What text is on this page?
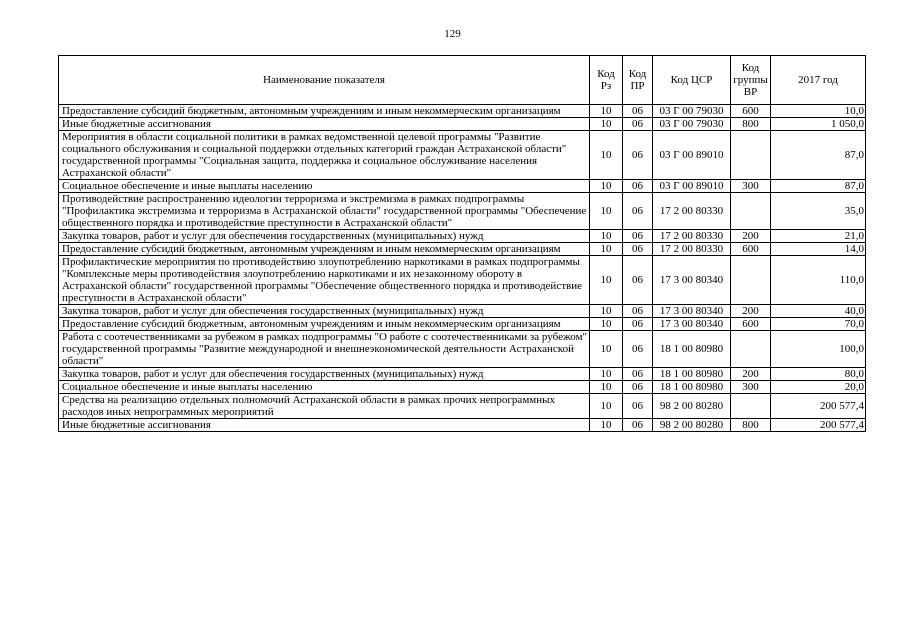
129
Наименование показателя	Код Рз	Код ПР	Код ЦСР	Код группы ВР	2017 год
Предоставление субсидий бюджетным, автономным учреждениям и иным некоммерческим организациям	10	06	03 Г 00 79030	600	10,0
Иные бюджетные ассигнования	10	06	03 Г 00 79030	800	1 050,0
Мероприятия в области социальной политики в рамках ведомственной целевой программы "Развитие социального обслуживания и социальной поддержки отдельных категорий граждан Астраханской области" государственной программы "Социальная защита, поддержка и социальное обслуживание населения Астраханской области"	10	06	03 Г 00 89010		87,0
Социальное обеспечение и иные выплаты населению	10	06	03 Г 00 89010	300	87,0
Противодействие распространению идеологии терроризма и экстремизма в рамках подпрограммы "Профилактика экстремизма и терроризма в Астраханской области" государственной программы "Обеспечение общественного порядка и противодействие преступности в Астраханской области"	10	06	17 2 00 80330		35,0
Закупка товаров, работ и услуг для обеспечения государственных (муниципальных) нужд	10	06	17 2 00 80330	200	21,0
Предоставление субсидий бюджетным, автономным учреждениям и иным некоммерческим организациям	10	06	17 2 00 80330	600	14,0
Профилактические мероприятия по противодействию злоупотреблению наркотиками в рамках подпрограммы "Комплексные меры противодействия злоупотреблению наркотиками и их незаконному обороту в Астраханской области" государственной программы "Обеспечение общественного порядка и противодействие преступности в Астраханской области"	10	06	17 3 00 80340		110,0
Закупка товаров, работ и услуг для обеспечения государственных (муниципальных) нужд	10	06	17 3 00 80340	200	40,0
Предоставление субсидий бюджетным, автономным учреждениям и иным некоммерческим организациям	10	06	17 3 00 80340	600	70,0
Работа с соотечественниками за рубежом в рамках подпрограммы "О работе с соотечественниками за рубежом" государственной программы "Развитие международной и внешнеэкономической деятельности Астраханской области"	10	06	18 1 00 80980		100,0
Закупка товаров, работ и услуг для обеспечения государственных (муниципальных) нужд	10	06	18 1 00 80980	200	80,0
Социальное обеспечение и иные выплаты населению	10	06	18 1 00 80980	300	20,0
Средства на реализацию отдельных полномочий Астраханской области в рамках прочих непрограммных расходов иных непрограммных мероприятий	10	06	98 2 00 80280		200 577,4
Иные бюджетные ассигнования	10	06	98 2 00 80280	800	200 577,4
